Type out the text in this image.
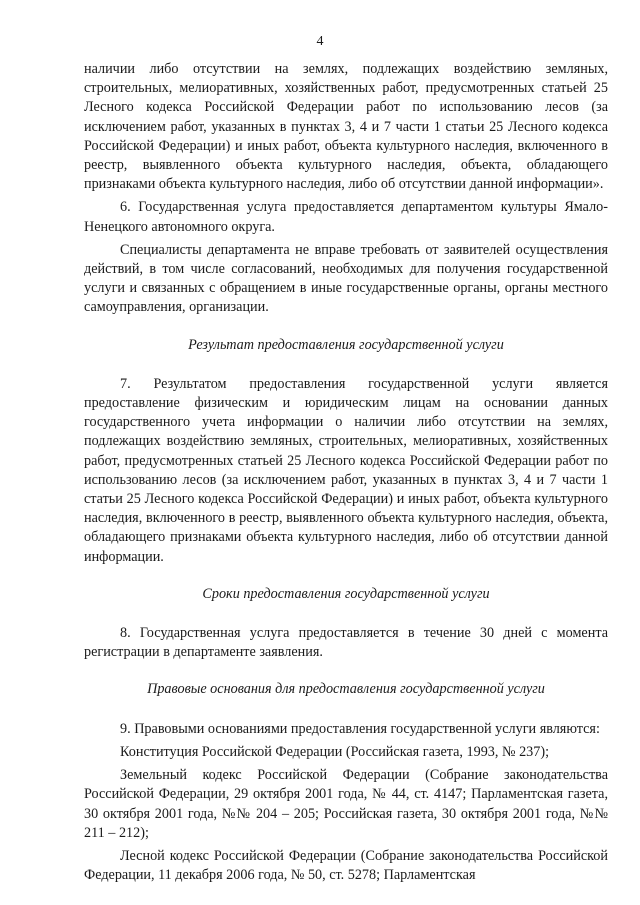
4

наличии либо отсутствии на землях, подлежащих воздействию земляных, строительных, мелиоративных, хозяйственных работ, предусмотренных статьей 25 Лесного кодекса Российской Федерации работ по использованию лесов (за исключением работ, указанных в пунктах 3, 4 и 7 части 1 статьи 25 Лесного кодекса Российской Федерации) и иных работ, объекта культурного наследия, включенного в реестр, выявленного объекта культурного наследия, объекта, обладающего признаками объекта культурного наследия, либо об отсутствии данной информации».

6. Государственная услуга предоставляется департаментом культуры Ямало-Ненецкого автономного округа.

Специалисты департамента не вправе требовать от заявителей осуществления действий, в том числе согласований, необходимых для получения государственной услуги и связанных с обращением в иные государственные органы, органы местного самоуправления, организации.

Результат предоставления государственной услуги

7. Результатом предоставления государственной услуги является предоставление физическим и юридическим лицам на основании данных государственного учета информации о наличии либо отсутствии на землях, подлежащих воздействию земляных, строительных, мелиоративных, хозяйственных работ, предусмотренных статьей 25 Лесного кодекса Российской Федерации работ по использованию лесов (за исключением работ, указанных в пунктах 3, 4 и 7 части 1 статьи 25 Лесного кодекса Российской Федерации) и иных работ, объекта культурного наследия, включенного в реестр, выявленного объекта культурного наследия, объекта, обладающего признаками объекта культурного наследия, либо об отсутствии данной информации.

Сроки предоставления государственной услуги

8. Государственная услуга предоставляется в течение 30 дней с момента регистрации в департаменте заявления.

Правовые основания для предоставления государственной услуги

9. Правовыми основаниями предоставления государственной услуги являются:

Конституция Российской Федерации (Российская газета, 1993, № 237);

Земельный кодекс Российской Федерации (Собрание законодательства Российской Федерации, 29 октября 2001 года, № 44, ст. 4147; Парламентская газета, 30 октября 2001 года, №№ 204 – 205; Российская газета, 30 октября 2001 года, №№ 211 – 212);

Лесной кодекс Российской Федерации (Собрание законодательства Российской Федерации, 11 декабря 2006 года, № 50, ст. 5278; Парламентская
